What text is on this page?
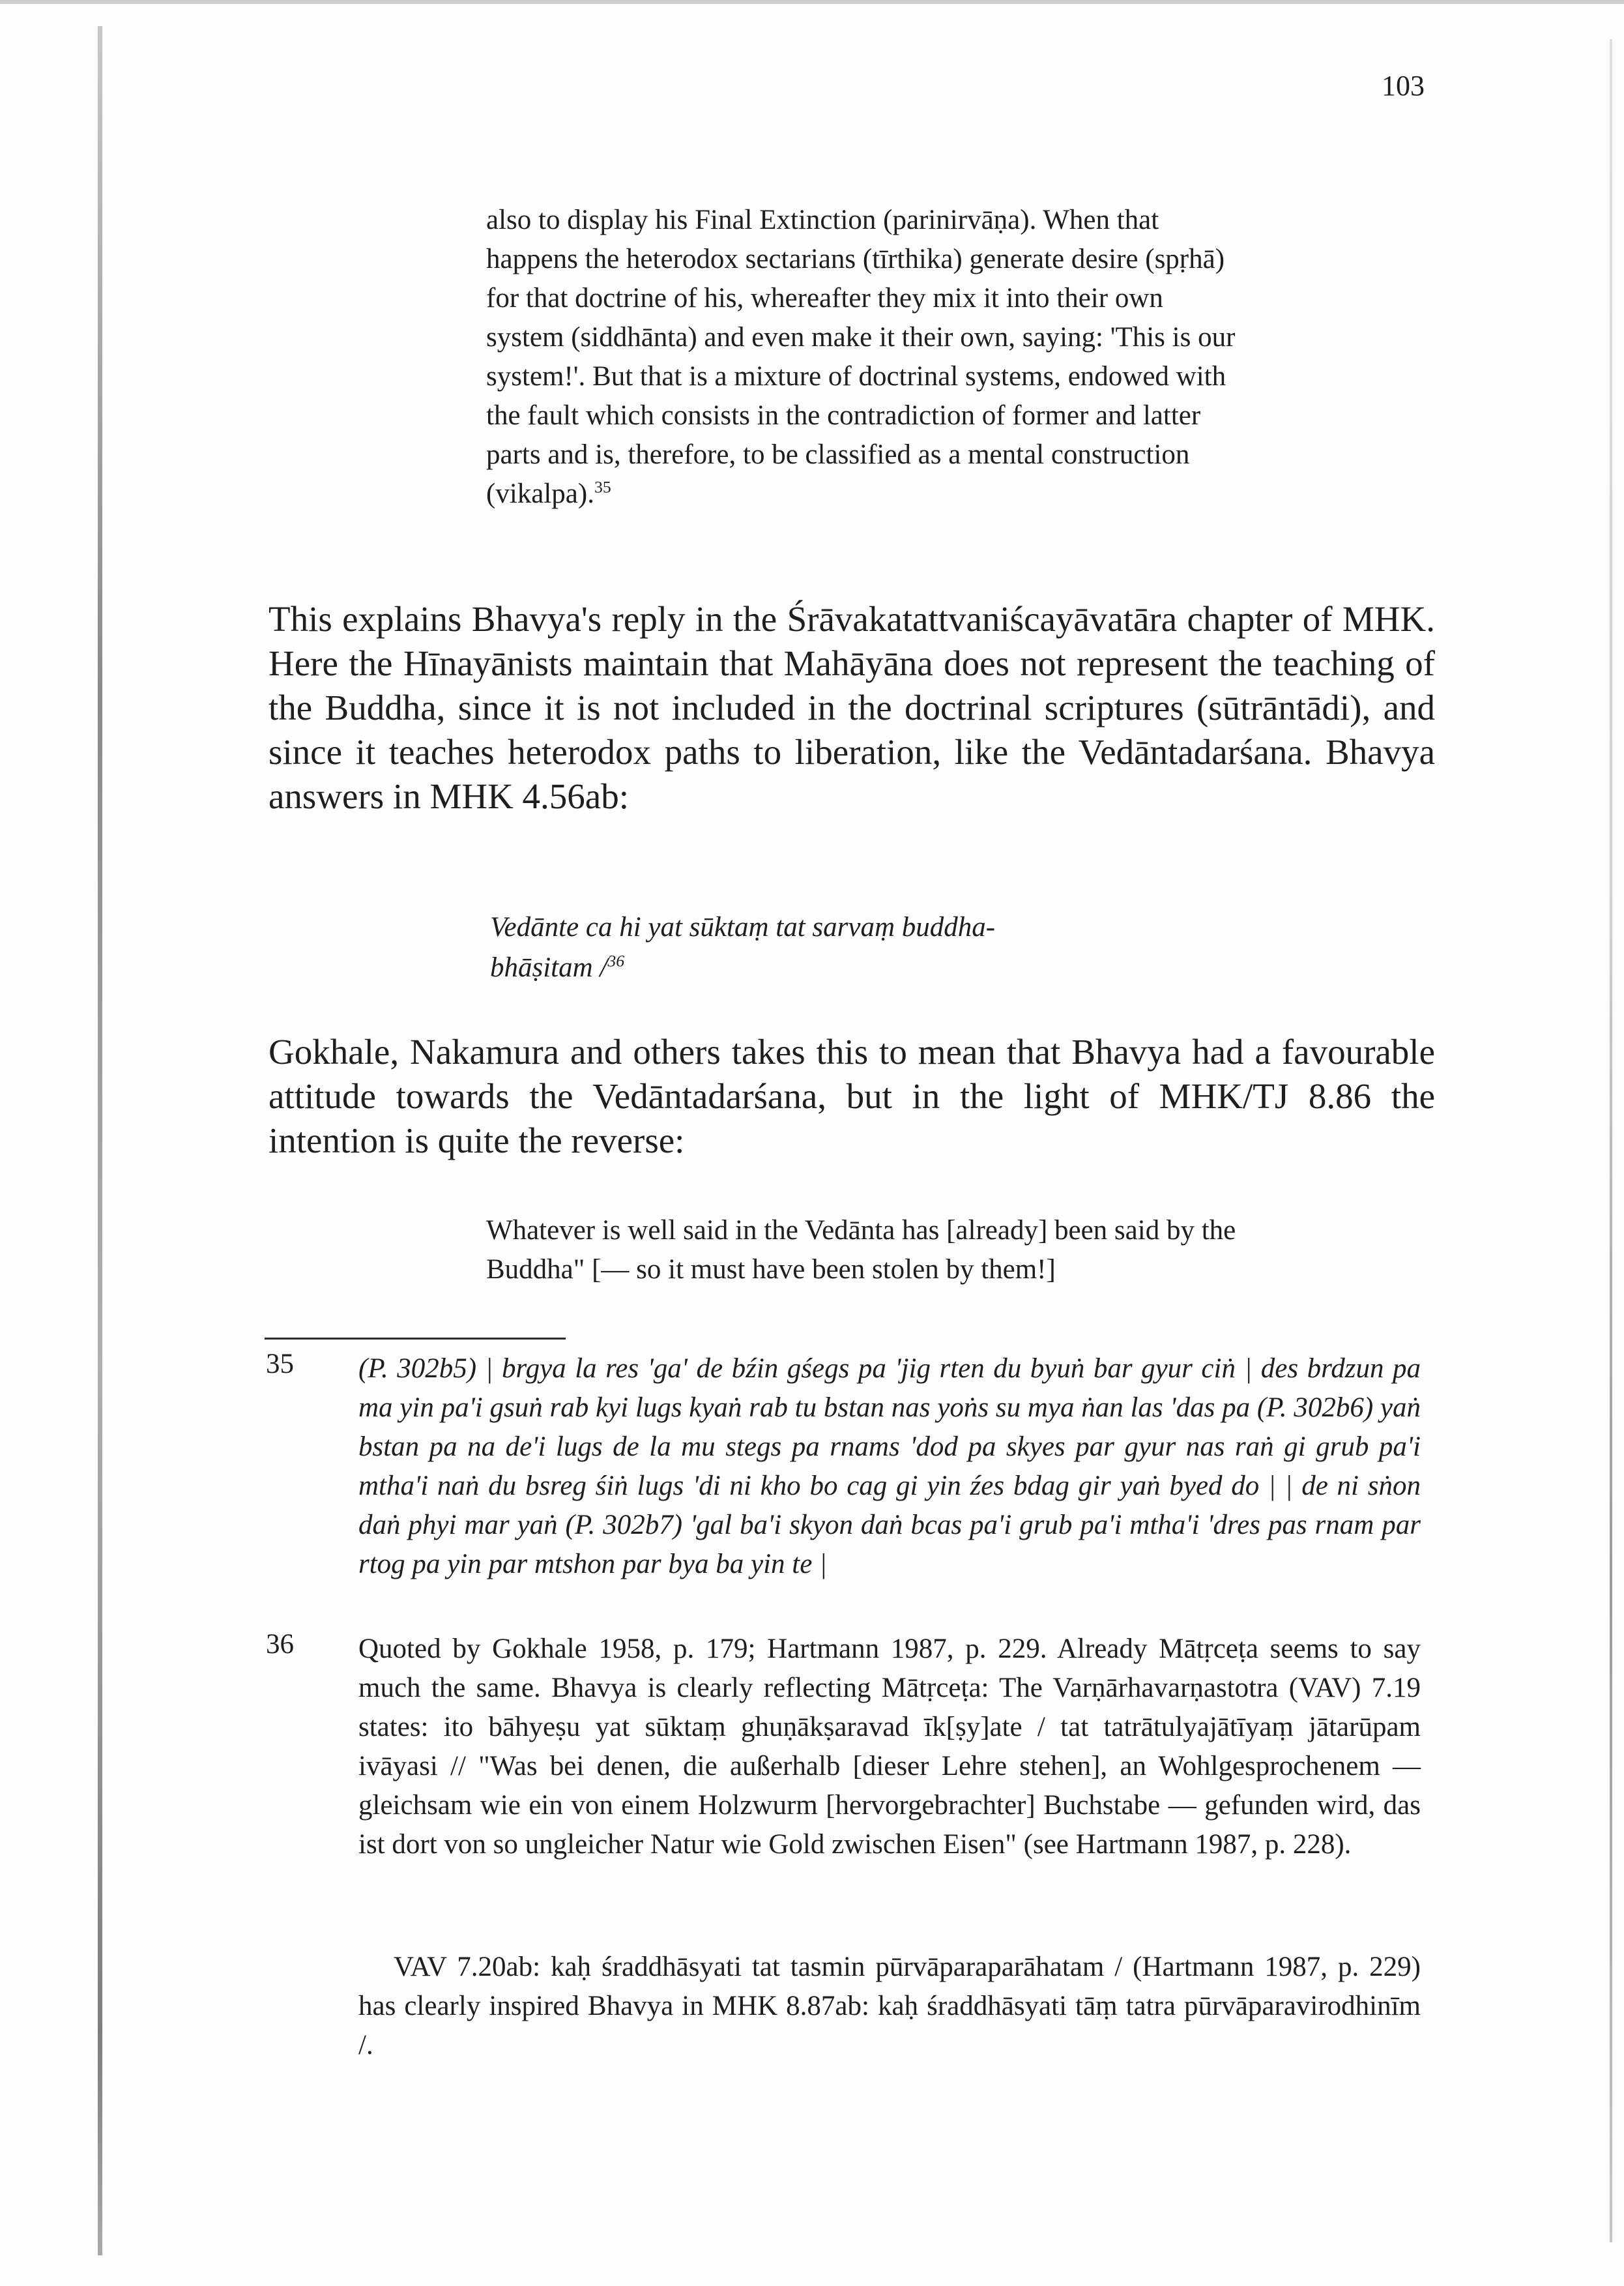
103
also to display his Final Extinction (parinirvāṇa). When that happens the heterodox sectarians (tīrthika) generate desire (spṛhā) for that doctrine of his, whereafter they mix it into their own system (siddhānta) and even make it their own, saying: 'This is our system!'. But that is a mixture of doctrinal systems, endowed with the fault which consists in the contradiction of former and latter parts and is, therefore, to be classified as a mental construction (vikalpa).$^{35}$
This explains Bhavya's reply in the Śrāvakatattvaniścayāvatāra chapter of MHK. Here the Hīnayānists maintain that Mahāyāna does not represent the teaching of the Buddha, since it is not included in the doctrinal scriptures (sūtrāntādi), and since it teaches heterodox paths to liberation, like the Vedāntadarśana. Bhavya answers in MHK 4.56ab:
Vedānte ca hi yat sūktaṃ tat sarvaṃ buddha-
bhāṣitam /$^{36}$
Gokhale, Nakamura and others takes this to mean that Bhavya had a favourable attitude towards the Vedāntadarśana, but in the light of MHK/TJ 8.86 the intention is quite the reverse:
Whatever is well said in the Vedānta has [already] been said by the Buddha" [— so it must have been stolen by them!]
35 (P. 302b5) | brgya la res 'ga' de bźin gśegs pa 'jig rten du byuṅ bar gyur ciṅ | des brdzun pa ma yin pa'i gsuṅ rab kyi lugs kyaṅ rab tu bstan nas yoṅs su mya ṅan las 'das pa (P. 302b6) yaṅ bstan pa na de'i lugs de la mu stegs pa rnams 'dod pa skyes par gyur nas raṅ gi grub pa'i mtha'i naṅ du bsreg śiṅ lugs 'di ni kho bo cag gi yin źes bdag gir yaṅ byed do | | de ni sṅon daṅ phyi mar yaṅ (P. 302b7) 'gal ba'i skyon daṅ bcas pa'i grub pa'i mtha'i 'dres pas rnam par rtog pa yin par mtshon par bya ba yin te |
36 Quoted by Gokhale 1958, p. 179; Hartmann 1987, p. 229. Already Mātṛceṭa seems to say much the same. Bhavya is clearly reflecting Mātṛceṭa: The Varṇārhavarṇastotra (VAV) 7.19 states: ito bāhyeṣu yat sūktaṃ ghuṇākṣaravad īk[ṣy]ate / tat tatrātulyajātīyaṃ jātarūpam ivāyasi // "Was bei denen, die außerhalb [dieser Lehre stehen], an Wohlgesprochenem — gleichsam wie ein von einem Holzwurm [hervorgebrachter] Buchstabe — gefunden wird, das ist dort von so ungleicher Natur wie Gold zwischen Eisen" (see Hartmann 1987, p. 228).
VAV 7.20ab: kaḥ śraddhāsyati tat tasmin pūrvāparaparāhatam / (Hartmann 1987, p. 229) has clearly inspired Bhavya in MHK 8.87ab: kaḥ śraddhāsyati tāṃ tatra pūrvāparavirodhinīm /.
